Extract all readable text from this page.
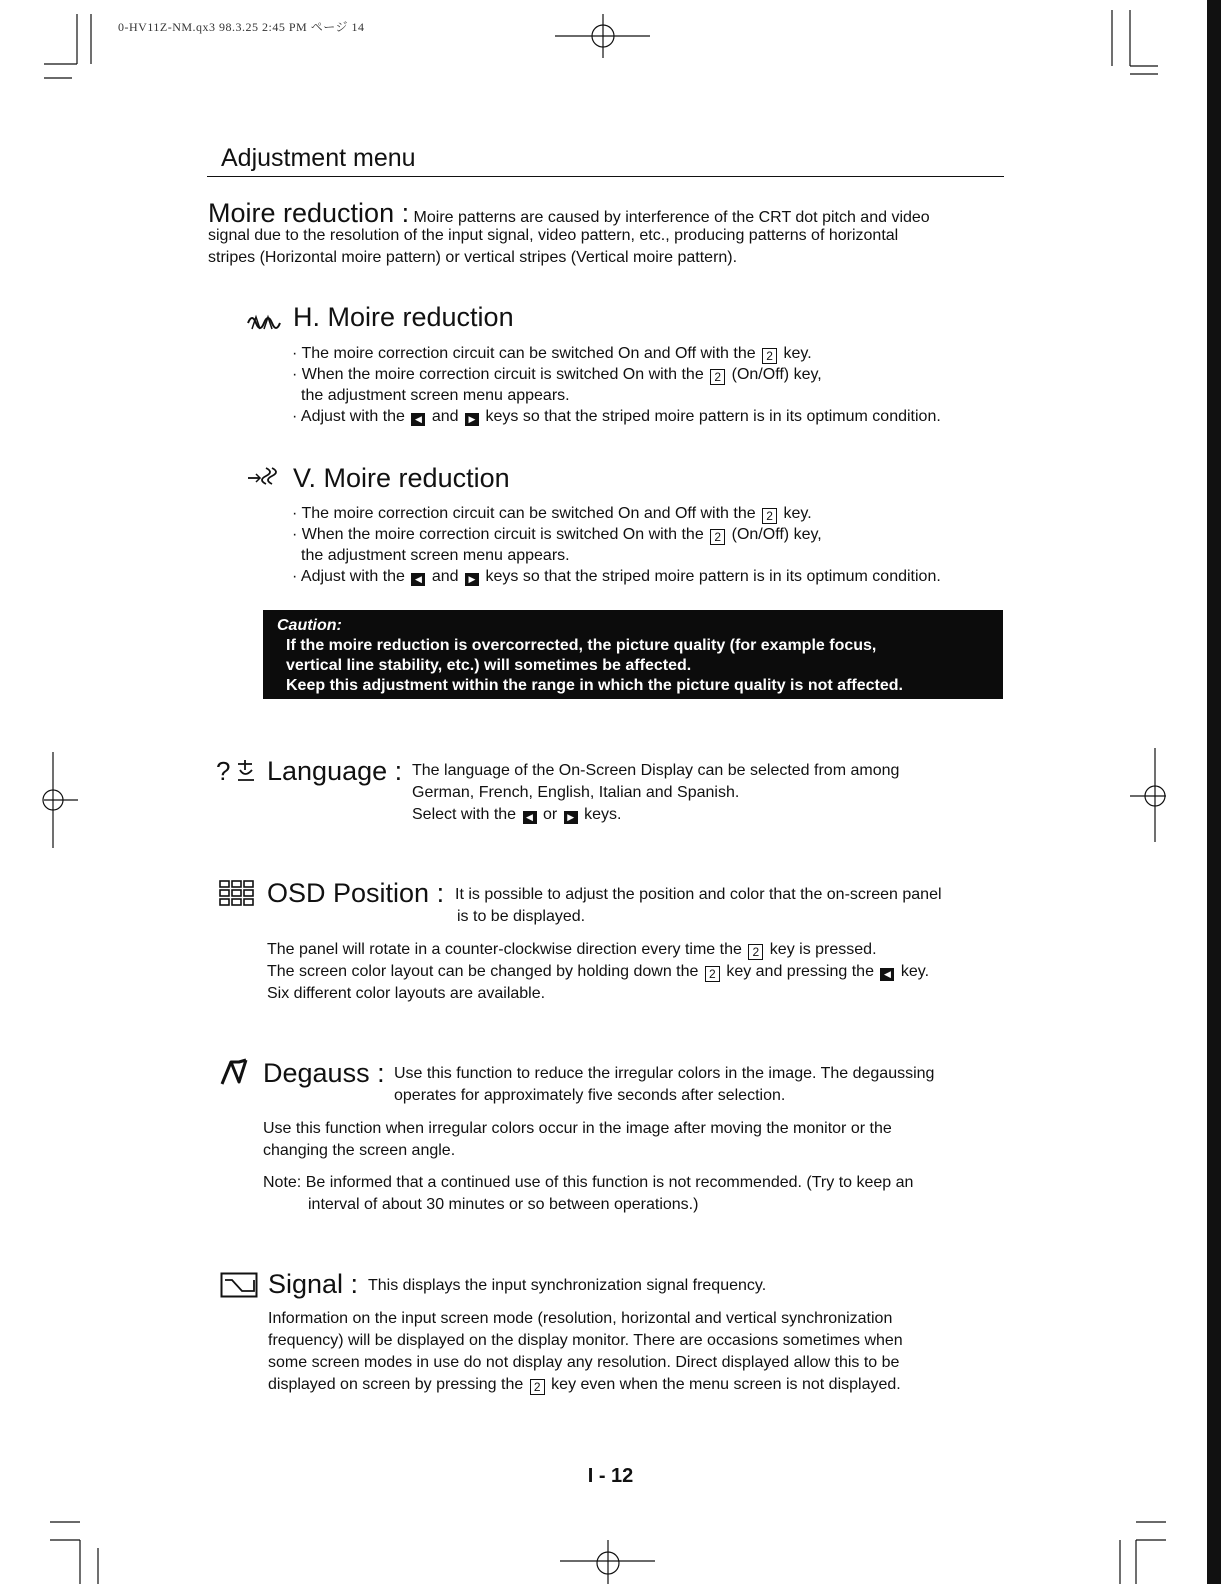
0-HV11Z-NM.qx3 98.3.25 2:45 PM ページ 14
Adjustment menu
Moire reduction : Moire patterns are caused by interference of the CRT dot pitch and video
signal due to the resolution of the input signal, video pattern, etc., producing patterns of horizontal
stripes (Horizontal moire pattern) or vertical stripes (Vertical moire pattern).
H. Moire reduction
· The moire correction circuit can be switched On and Off with the 2 key.
· When the moire correction circuit is switched On with the 2 (On/Off) key,
the adjustment screen menu appears.
· Adjust with the ◀ and ▶ keys so that the striped moire pattern is in its optimum condition.
V. Moire reduction
· The moire correction circuit can be switched On and Off with the 2 key.
· When the moire correction circuit is switched On with the 2 (On/Off) key,
the adjustment screen menu appears.
· Adjust with the ◀ and ▶ keys so that the striped moire pattern is in its optimum condition.
Caution:
If the moire reduction is overcorrected, the picture quality (for example focus,
vertical line stability, etc.) will sometimes be affected.
Keep this adjustment within the range in which the picture quality is not affected.
? Language : The language of the On-Screen Display can be selected from among
German, French, English, Italian and Spanish.
Select with the ◀ or ▶ keys.
OSD Position : It is possible to adjust the position and color that the on-screen panel
is to be displayed.
The panel will rotate in a counter-clockwise direction every time the 2 key is pressed.
The screen color layout can be changed by holding down the 2 key and pressing the ◀ key.
Six different color layouts are available.
Degauss : Use this function to reduce the irregular colors in the image. The degaussing
operates for approximately five seconds after selection.
Use this function when irregular colors occur in the image after moving the monitor or the
changing the screen angle.
Note: Be informed that a continued use of this function is not recommended. (Try to keep an
interval of about 30 minutes or so between operations.)
Signal : This displays the input synchronization signal frequency.
Information on the input screen mode (resolution, horizontal and vertical synchronization
frequency) will be displayed on the display monitor. There are occasions sometimes when
some screen modes in use do not display any resolution. Direct displayed allow this to be
displayed on screen by pressing the 2 key even when the menu screen is not displayed.
I - 12
